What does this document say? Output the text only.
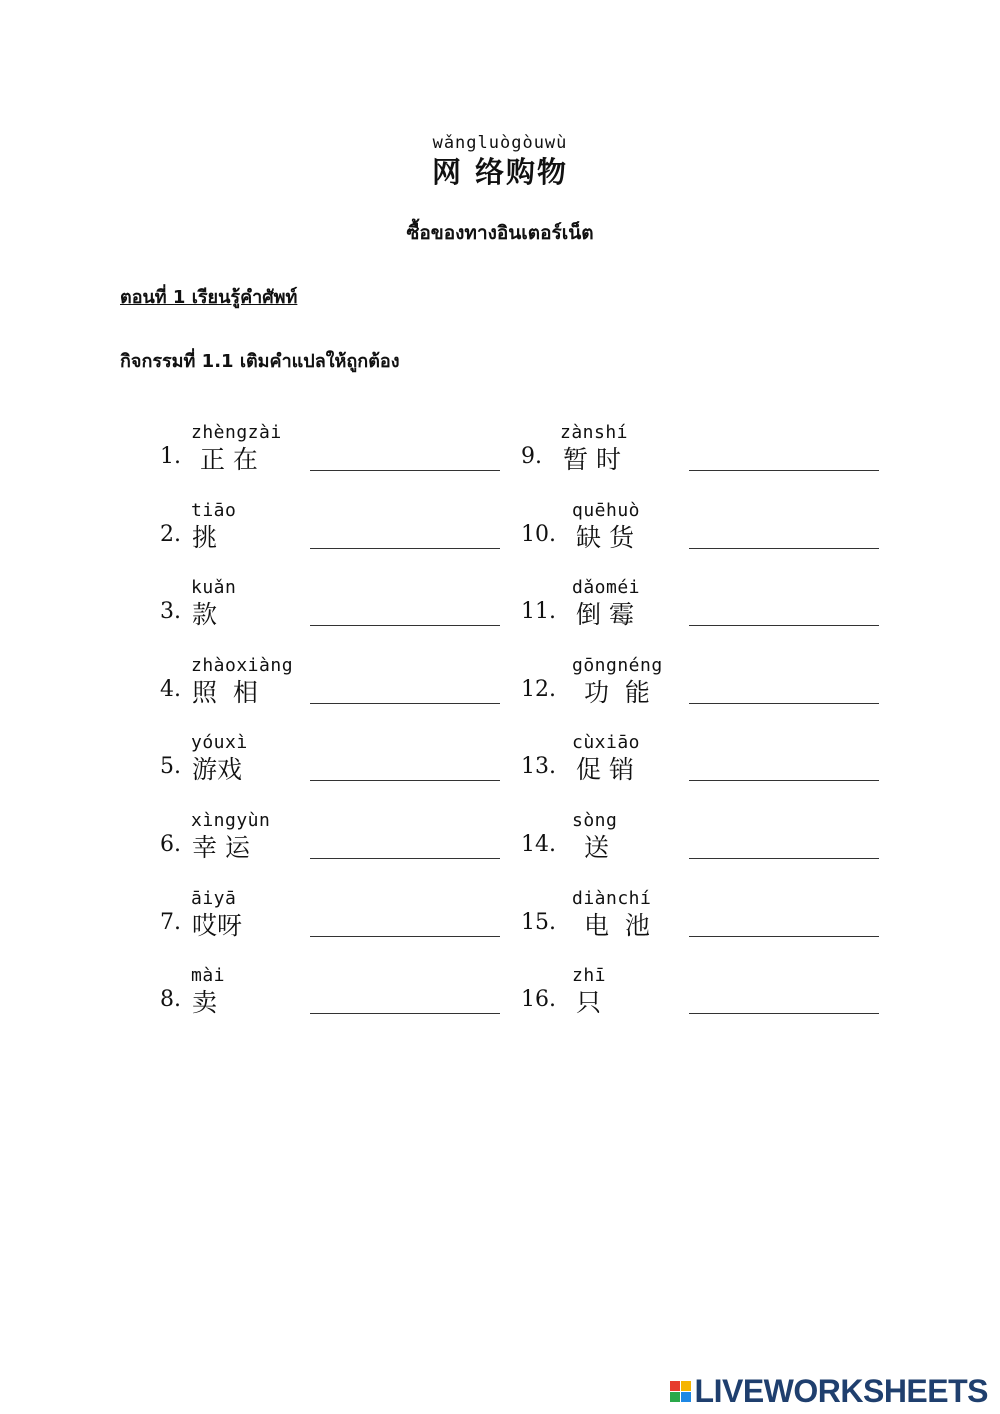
wǎngluògòuwù
网 络购物
ซื้อของทางอินเตอร์เน็ต
ตอนที่ 1 เรียนรู้คำศัพท์
กิจกรรมที่ 1.1 เติมคำแปลให้ถูกต้อง
zhèngzài
1. 正 在
tiāo
2. 挑
kuǎn
3. 款
zhàoxiàng
4. 照  相
yóuxì
5. 游戏
xìngyùn
6. 幸 运
āiyā
7. 哎呀
mài
8. 卖
zànshí
9. 暂 时
quēhuò
10. 缺 货
dǎoméi
11. 倒 霉
gōngnéng
12. 功  能
cùxiāo
13. 促 销
sòng
14. 送
diànchí
15. 电  池
zhī
16. 只
LIVEWORKSHEETS
